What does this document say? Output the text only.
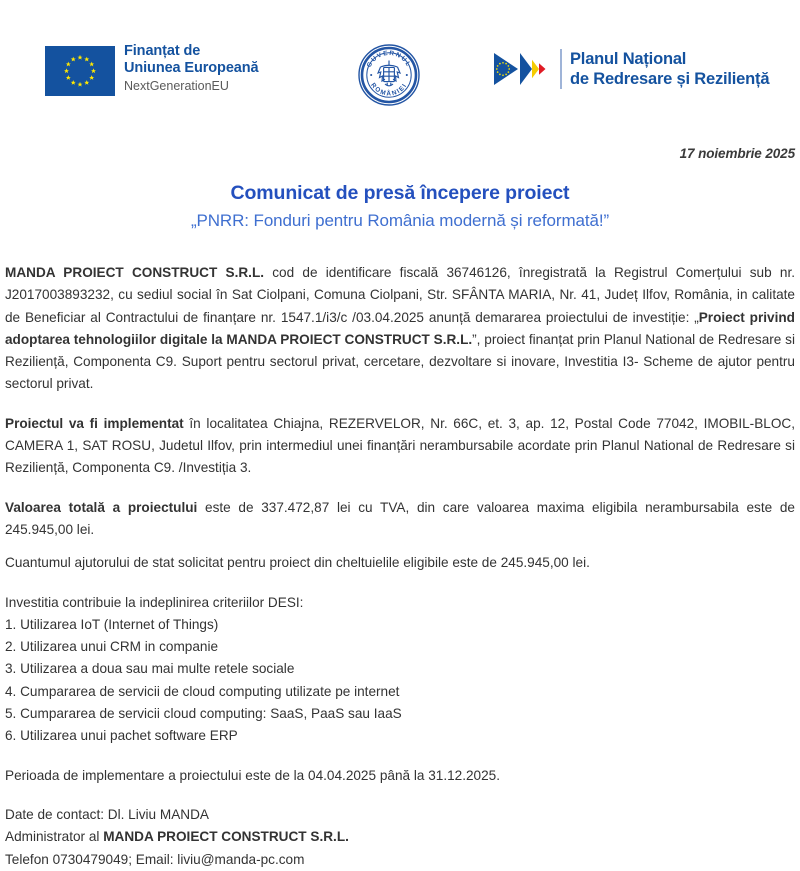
Finanțat de
Uniunea Europeană
NextGenerationEU
GUVERNUL
ROMÂNIEI
Planul Național
de Redresare și Reziliență
17 noiembrie 2025
Comunicat de presă începere proiect
„PNRR: Fonduri pentru România modernă și reformată!”

MANDA PROIECT CONSTRUCT S.R.L. cod de identificare fiscală 36746126, înregistrată la Registrul Comerțului sub nr. J2017003893232, cu sediul social în Sat Ciolpani, Comuna Ciolpani, Str. SFÂNTA MARIA, Nr. 41, Județ Ilfov, România, in calitate de Beneficiar al Contractului de finanțare nr. 1547.1/i3/c /03.04.2025 anunță demararea proiectului de investiție: „Proiect privind adoptarea tehnologiilor digitale la MANDA PROIECT CONSTRUCT S.R.L.”, proiect finanțat prin Planul National de Redresare si Reziliență, Componenta C9. Suport pentru sectorul privat, cercetare, dezvoltare si inovare, Investitia I3- Scheme de ajutor pentru sectorul privat.

Proiectul va fi implementat în localitatea Chiajna, REZERVELOR, Nr. 66C, et. 3, ap. 12, Postal Code 77042, IMOBIL-BLOC, CAMERA 1, SAT ROSU, Judetul Ilfov, prin intermediul unei finanțări nerambursabile acordate prin Planul National de Redresare si Reziliență, Componenta C9. /Investiția 3.

Valoarea totală a proiectului este de 337.472,87 lei cu TVA, din care valoarea maxima eligibila nerambursabila este de 245.945,00 lei.

Cuantumul ajutorului de stat solicitat pentru proiect din cheltuielile eligibile este de 245.945,00 lei.

Investitia contribuie la indeplinirea criteriilor DESI:

1. Utilizarea IoT (Internet of Things)

2. Utilizarea unui CRM in companie

3. Utilizarea a doua sau mai multe retele sociale

4. Cumpararea de servicii de cloud computing utilizate pe internet

5. Cumpararea de servicii cloud computing: SaaS, PaaS sau IaaS

6. Utilizarea unui pachet software ERP

Perioada de implementare a proiectului este de la 04.04.2025 până la 31.12.2025.

Date de contact: Dl. Liviu MANDA

Administrator al MANDA PROIECT CONSTRUCT S.R.L.

Telefon 0730479049; Email: liviu@manda-pc.com
